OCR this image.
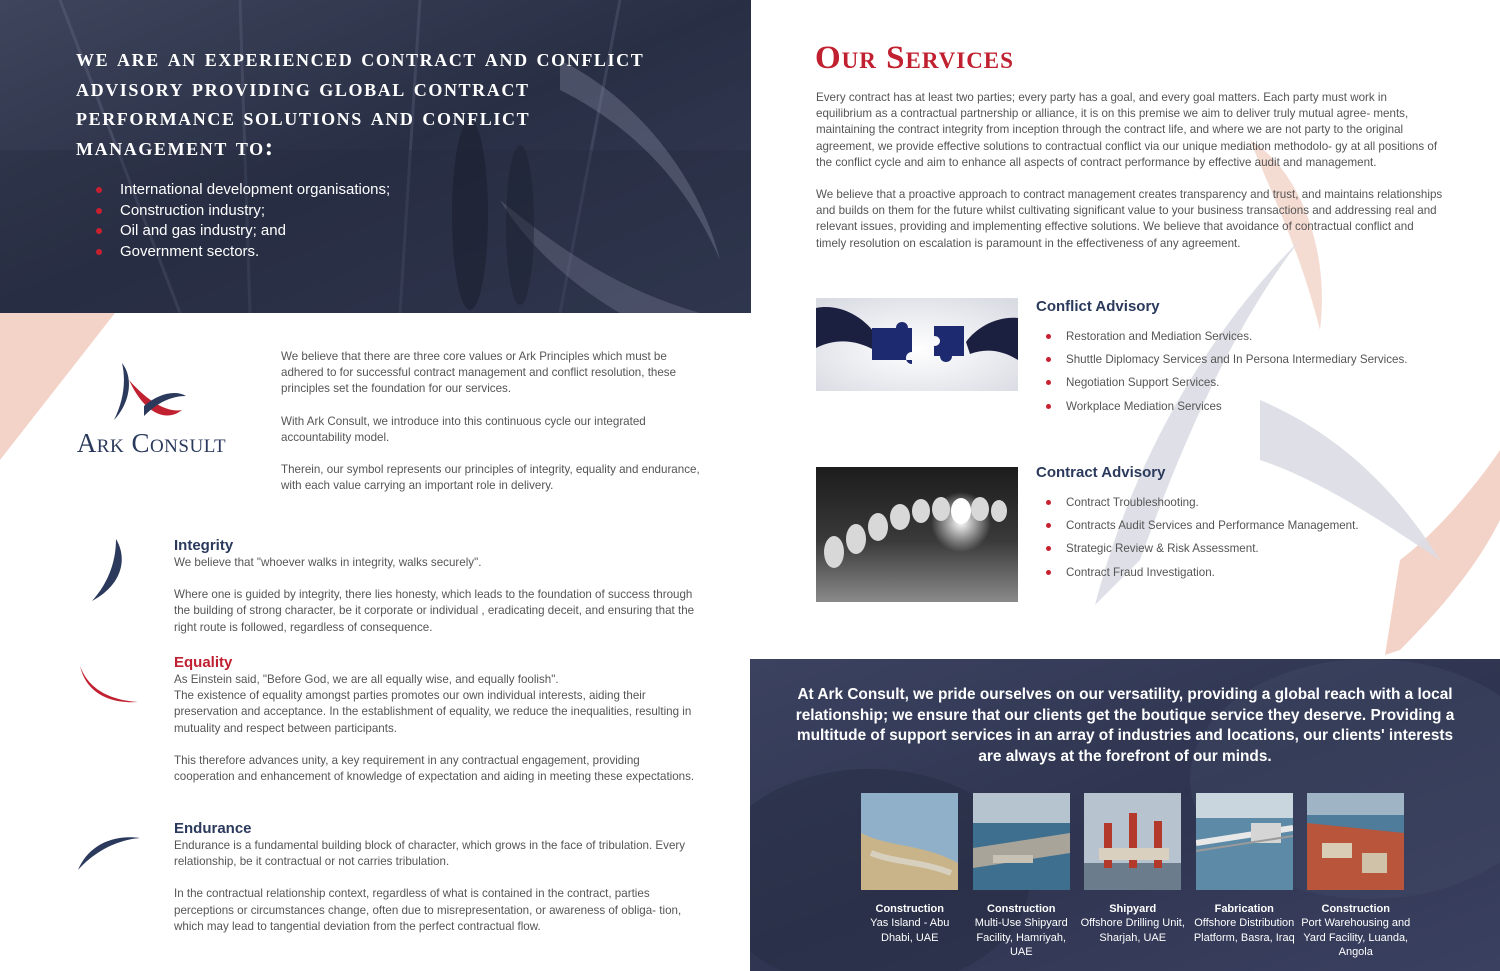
we are an experienced contract and conflict advisory providing global contract performance solutions and conflict management to:
International development organisations;
Construction industry;
Oil and gas industry; and
Government sectors.
Ark Consult

We believe that there are three core values or Ark Principles which must be adhered to for successful contract management and conflict resolution, these principles set the foundation for our services.

With Ark Consult, we introduce into this continuous cycle our integrated accountability model.

Therein, our symbol represents our principles of integrity, equality and endurance, with each value carrying an important role in delivery.

Integrity

We believe that "whoever walks in integrity, walks securely".

Where one is guided by integrity, there lies honesty, which leads to the foundation of success through the building of strong character, be it corporate or individual , eradicating deceit, and ensuring that the right route is followed, regardless of consequence.

Equality

As Einstein said, "Before God, we are all equally wise, and equally foolish".

The existence of equality amongst parties promotes our own individual interests, aiding their preservation and acceptance. In the establishment of equality, we reduce the inequalities, resulting in mutuality and respect between participants.

This therefore advances unity, a key requirement in any contractual engagement, providing cooperation and enhancement of knowledge of expectation and aiding in meeting these expectations.

Endurance

Endurance is a fundamental building block of character, which grows in the face of tribulation. Every relationship, be it contractual or not carries tribulation.

In the contractual relationship context, regardless of what is contained in the contract, parties perceptions or circumstances change, often due to misrepresentation, or awareness of obliga- tion, which may lead to tangential deviation from the perfect contractual flow.

Our Services

Every contract has at least two parties; every party has a goal, and every goal matters. Each party must work in equilibrium as a contractual partnership or alliance, it is on this premise we aim to deliver truly mutual agree- ments, maintaining the contract integrity from inception through the contract life, and where we are not party to the original agreement, we provide effective solutions to contractual conflict via our unique mediation methodolo- gy at all positions of the conflict cycle and aim to enhance all aspects of contract performance by effective audit and management.

We believe that a proactive approach to contract management creates transparency and trust, and maintains relationships and builds on them for the future whilst cultivating significant value to your business transactions and addressing real and relevant issues, providing and implementing effective solutions. We believe that avoidance of contractual conflict and timely resolution on escalation is paramount in the effectiveness of any agreement.

Conflict Advisory
Restoration and Mediation Services.
Shuttle Diplomacy Services and In Persona Intermediary Services.
Negotiation Support Services.
Workplace Mediation Services
Contract Advisory
Contract Troubleshooting.
Contracts Audit Services and Performance Management.
Strategic Review & Risk Assessment.
Contract Fraud Investigation.

At Ark Consult, we pride ourselves on our versatility, providing a global reach with a local relationship; we ensure that our clients get the boutique service they deserve. Providing a multitude of support services in an array of industries and locations, our clients' interests are always at the forefront of our minds.

Construction
Yas Island - Abu Dhabi, UAE
Construction
Multi-Use Shipyard Facility, Hamriyah, UAE
Shipyard
Offshore Drilling Unit, Sharjah, UAE
Fabrication
Offshore Distribution Platform, Basra, Iraq
Construction
Port Warehousing and Yard Facility, Luanda, Angola
